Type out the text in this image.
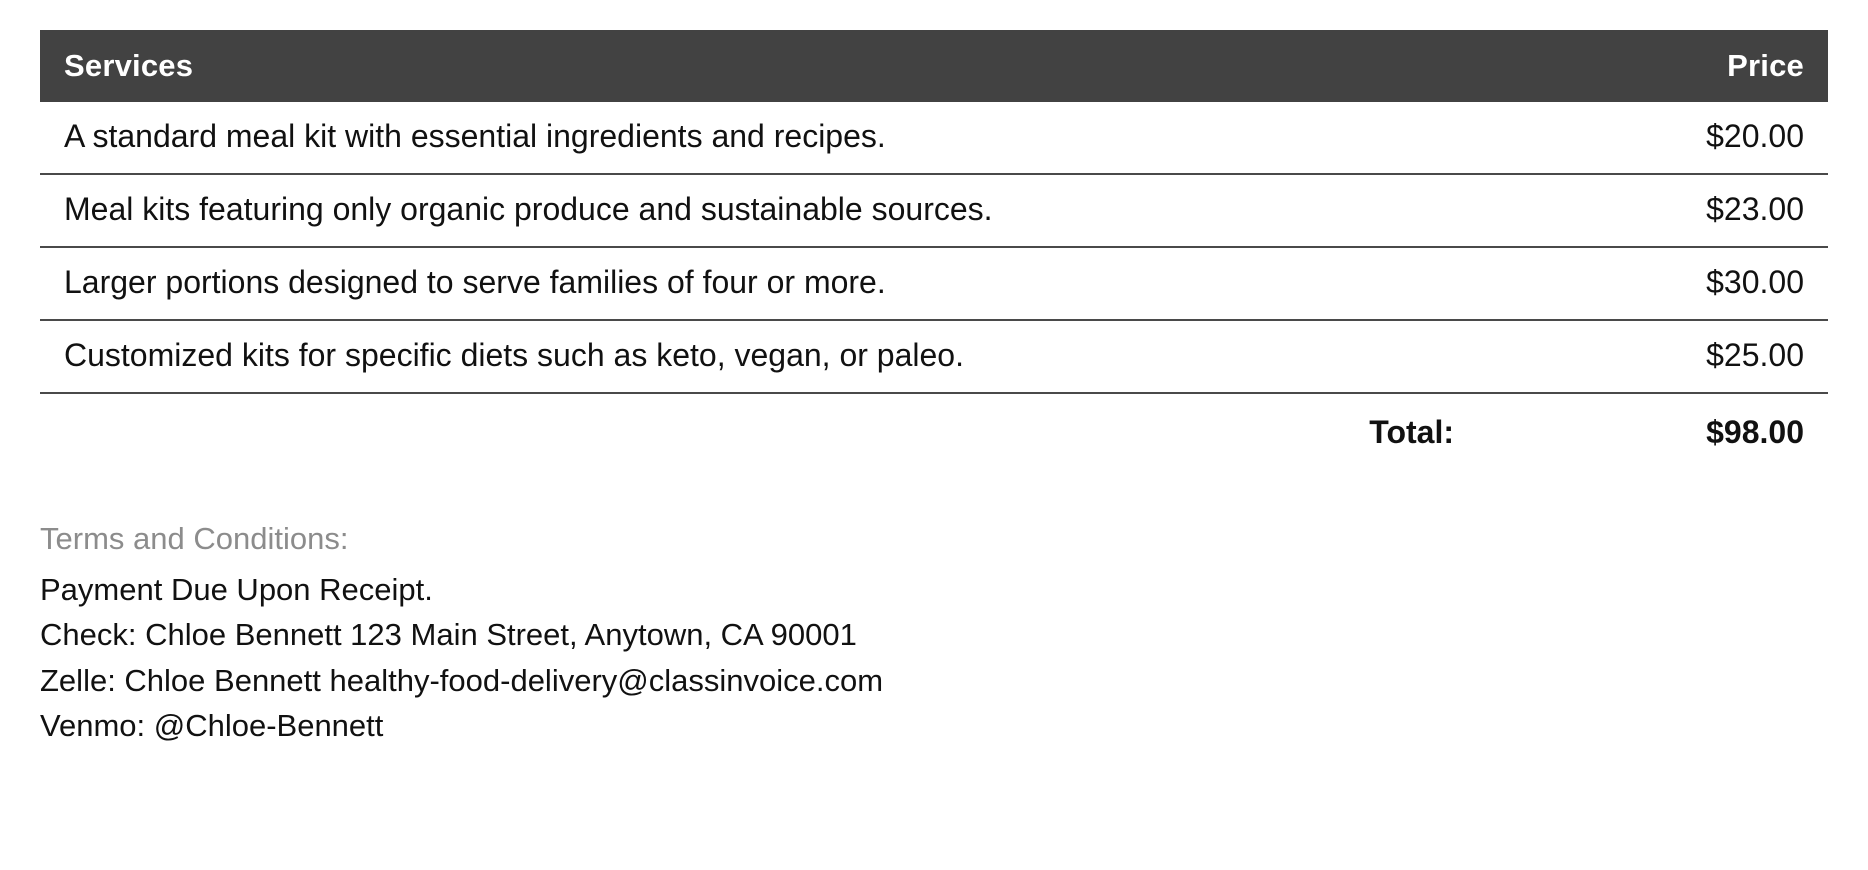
Services	Price
A standard meal kit with essential ingredients and recipes.	$20.00
Meal kits featuring only organic produce and sustainable sources.	$23.00
Larger portions designed to serve families of four or more.	$30.00
Customized kits for specific diets such as keto, vegan, or paleo.	$25.00
Total:	$98.00
Terms and Conditions:
Payment Due Upon Receipt.
Check: Chloe Bennett 123 Main Street, Anytown, CA 90001
Zelle: Chloe Bennett healthy-food-delivery@classinvoice.com
Venmo: @Chloe-Bennett
